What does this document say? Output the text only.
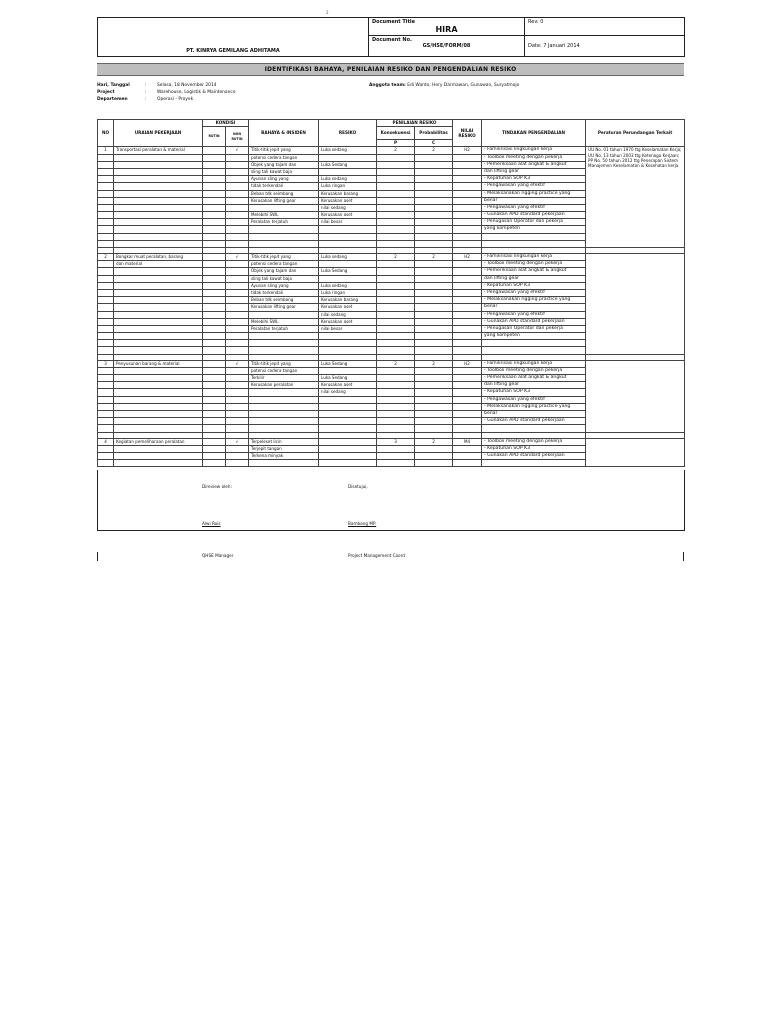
2
PT. KINRYA GEMILANG ADHITAMA	Document Title
HIRA	Rev: 0

	Document No.
GS/HSE/FORM/08	Date: 7 Januari 2014
IDENTIFIKASI BAHAYA, PENILAIAN RESIKO DAN PENGENDALIAN RESIKO
Hari, Tanggal	: Selasa, 18 November 2014
Project	: Warehouse, Logistik & Maintenance
Departemen	: Operasi - Proyek
Anggota team: Edi Wanto, Hery Darmawan, Gunawan, Suryatmojo
NO	URAIAN PEKERJAAN	KONDISI		BAHAYA & INSIDEN	RESIKO	PENILAIAN RESIKO		NILAI RESIKO	TINDAKAN PENGENDALIAN	Peraturan Perundangan Terkait
		RUTIN	NON RUTIN			Konsekuensi	Probabilitas			
						P	C			
1	Transportasi peralatan & material		√	Titik-titik jepit yang	Luka sedang	2	2	H2	- Familirisasi lingkungan kerja	UU No. 01 tahun 1970 ttg Keselamatan Kerja; UU No. 13 tahun 2003 ttg Ketenaga Kerjaan; PP No. 50 tahun 2012 ttg Penerapan Sistem Manajemen Keselamatan & Kesehatan kerja
				potensi cedera tangan					- Toolbox meeting dengan pekerja	
				Objek yang tajam dan	Luka Sedang				- Pemeriksaan alat angkat & angkut	
				sling tali kawat baja					dan lifting gear	
				Ayunan sling yang	Luka sedang				- Kepatuhan SOP K3	
				tidak terkendali	Luka ringan				- Pengawasan yang efektif	
				Beban tdk seimbang	Kerusakan barang				- Melaksanakan rigging practice yang	
				Kerusakan lifting gear	Kerusakan aset				benar	
					nilai sedang				- Pengawasan yang efektif	
				Melebihi SWL	Kerusakan aset				- Gunakan APD standard pekerjaan	
				Peralatan terjatuh	nilai besar				- Penugasan Operator dan pekerja	
									yang kompeten	

2	Bongkar muat peralatan, barang		√	Titik-titik jepit yang	Luka sedang	2	2	H2	- Familirisasi lingkungan kerja	
	dan material			potensi cedera tangan					- Toolbox meeting dengan pekerja	
				Objek yang tajam dan	Luka Sedang				- Pemeriksaan alat angkat & angkut	
				sling tali kawat baja					dan lifting gear	
				Ayunan sling yang	Luka sedang				- Kepatuhan SOP K3	
				tidak terkendali	Luka ringan				- Pengawasan yang efektif	
				Beban tdk seimbang	Kerusakan barang				- Melaksanakan rigging practice yang	
				Kerusakan lifting gear	Kerusakan aset				benar	
					nilai sedang				- Pengawasan yang efektif	
				Melebihi SWL	Kerusakan aset				- Gunakan APD standard pekerjaan	
				Peralatan terjatuh	nilai besar				- Penugasan Operator dan pekerja	
									yang kompeten	

3	Penyusunan barang & material		√	Titik-titik jepit yang	Luka Sedang	2	2	H2	- Familirisasi lingkungan kerja	
				potensi cedera tangan					- Toolbox meeting dengan pekerja	
				Terkilir	Luka Sedang				- Pemeriksaan alat angkat & angkut	
				Kerusakan peralatan	Kerusakan aset				dan lifting gear	
					nilai sedang				- Kepatuhan SOP K3	
									- Pengawasan yang efektif	
									- Melaksanakan rigging practice yang	
									benar	
									- Gunakan APD standard pekerjaan	

4	Kegiatan pemeliharaan peralatan		√	Terpeleset licin		3	2	M4	- Toolbox meeting dengan pekerja	
				Terjepit tangan					- Kepatuhan SOP K3	
				Terkena minyak					- Gunakan APD standard pekerjaan	

Direview oleh:	Disetujui,
Alwi Rois	Bambang MP.
QHSE Manager	Project Management Coord
